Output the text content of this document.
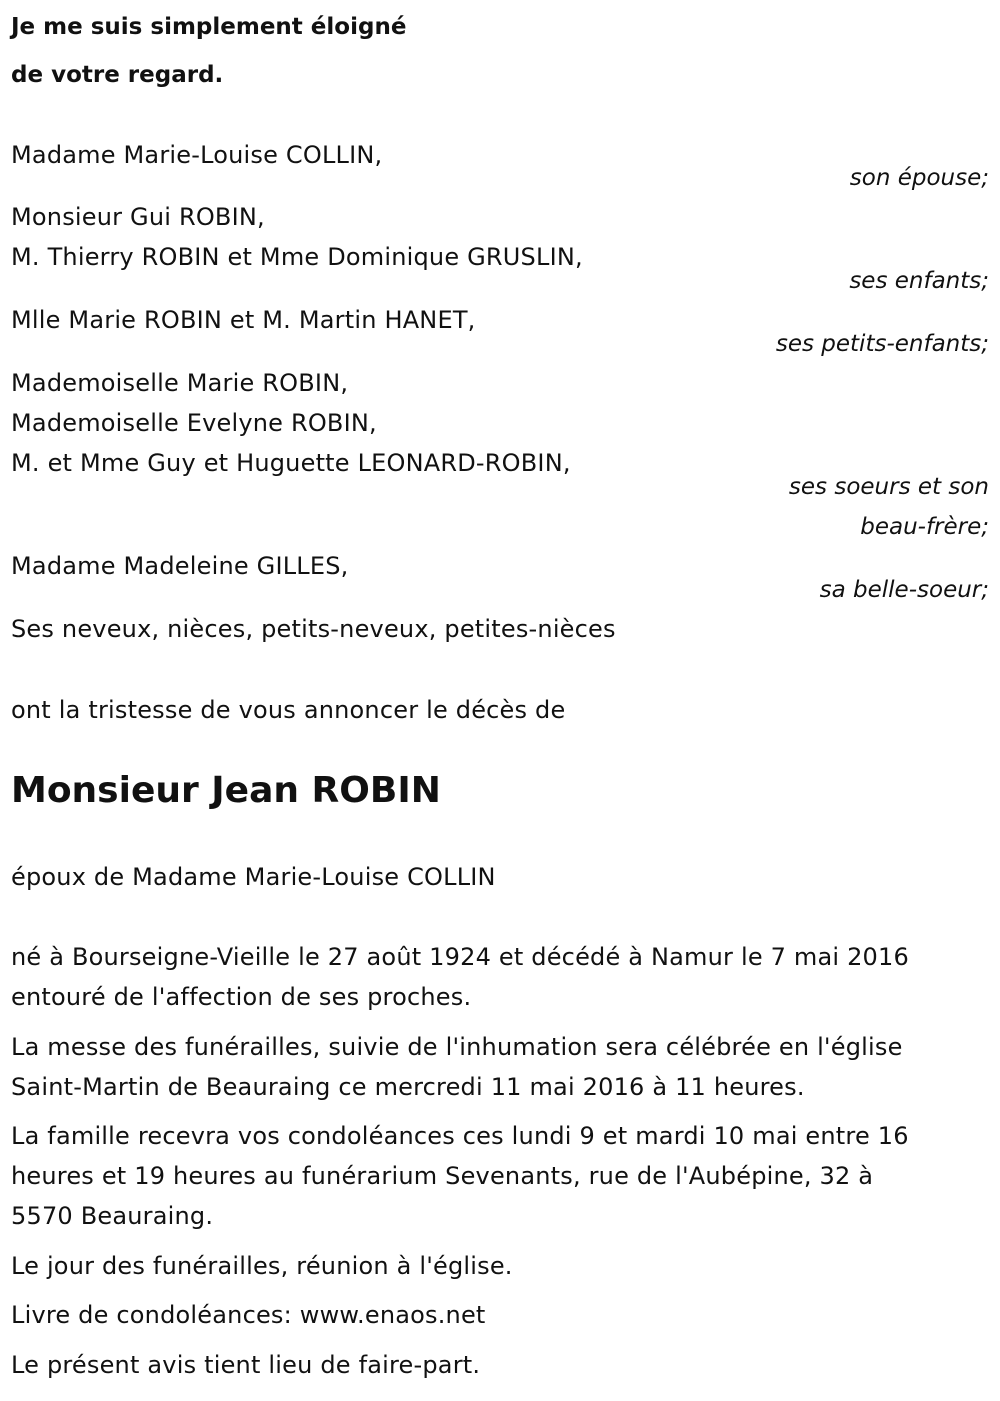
Je me suis simplement éloigné

de votre regard.

Madame Marie-Louise COLLIN,

son épouse;

Monsieur Gui ROBIN,

M. Thierry ROBIN et Mme Dominique GRUSLIN,

ses enfants;

Mlle Marie ROBIN et M. Martin HANET,

ses petits-enfants;

Mademoiselle Marie ROBIN,

Mademoiselle Evelyne ROBIN,

M. et Mme Guy et Huguette LEONARD-ROBIN,

ses soeurs et son

beau-frère;

Madame Madeleine GILLES,

sa belle-soeur;

Ses neveux, nièces, petits-neveux, petites-nièces

ont la tristesse de vous annoncer le décès de

Monsieur Jean ROBIN

époux de Madame Marie-Louise COLLIN

né à Bourseigne-Vieille le 27 août 1924 et décédé à Namur le 7 mai 2016

entouré de l'affection de ses proches.

La messe des funérailles, suivie de l'inhumation sera célébrée en l'église

Saint-Martin de Beauraing ce mercredi 11 mai 2016 à 11 heures.

La famille recevra vos condoléances ces lundi 9 et mardi 10 mai entre 16

heures et 19 heures au funérarium Sevenants, rue de l'Aubépine, 32 à

5570 Beauraing.

Le jour des funérailles, réunion à l'église.

Livre de condoléances: www.enaos.net

Le présent avis tient lieu de faire-part.
